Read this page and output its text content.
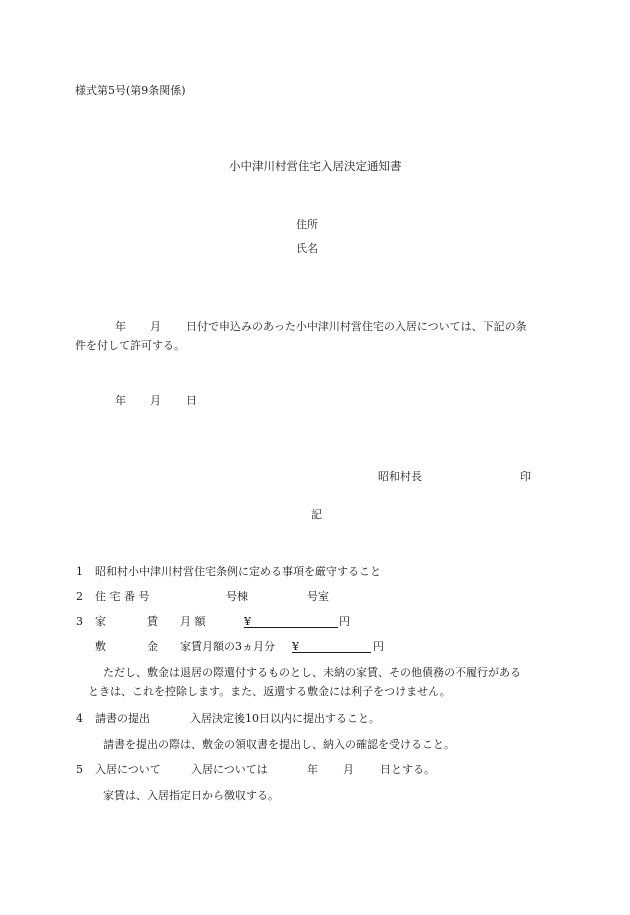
様式第5号(第9条関係)
小中津川村営住宅入居決定通知書
住所
氏名
年 月 日付で申込みのあった小中津川村営住宅の入居については、下記の条
件を付して許可する。
年 月 日
昭和村長	印
記
1 昭和村小中津川村営住宅条例に定める事項を厳守すること
2 住 宅 番 号	号棟	号室
3 家	賃 月 額	¥	円
敷	金 家賃月額の3ヵ月分 ¥	円
ただし、敷金は退居の際還付するものとし、未納の家賃、その他債務の不履行がある
ときは、これを控除します。また、返還する敷金には利子をつけません。
4 請書の提出	入居決定後10日以内に提出すること。
請書を提出の際は、敷金の領収書を提出し、納入の確認を受けること。
5 入居について	入居については	年 月 日とする。
家賃は、入居指定日から徴収する。
